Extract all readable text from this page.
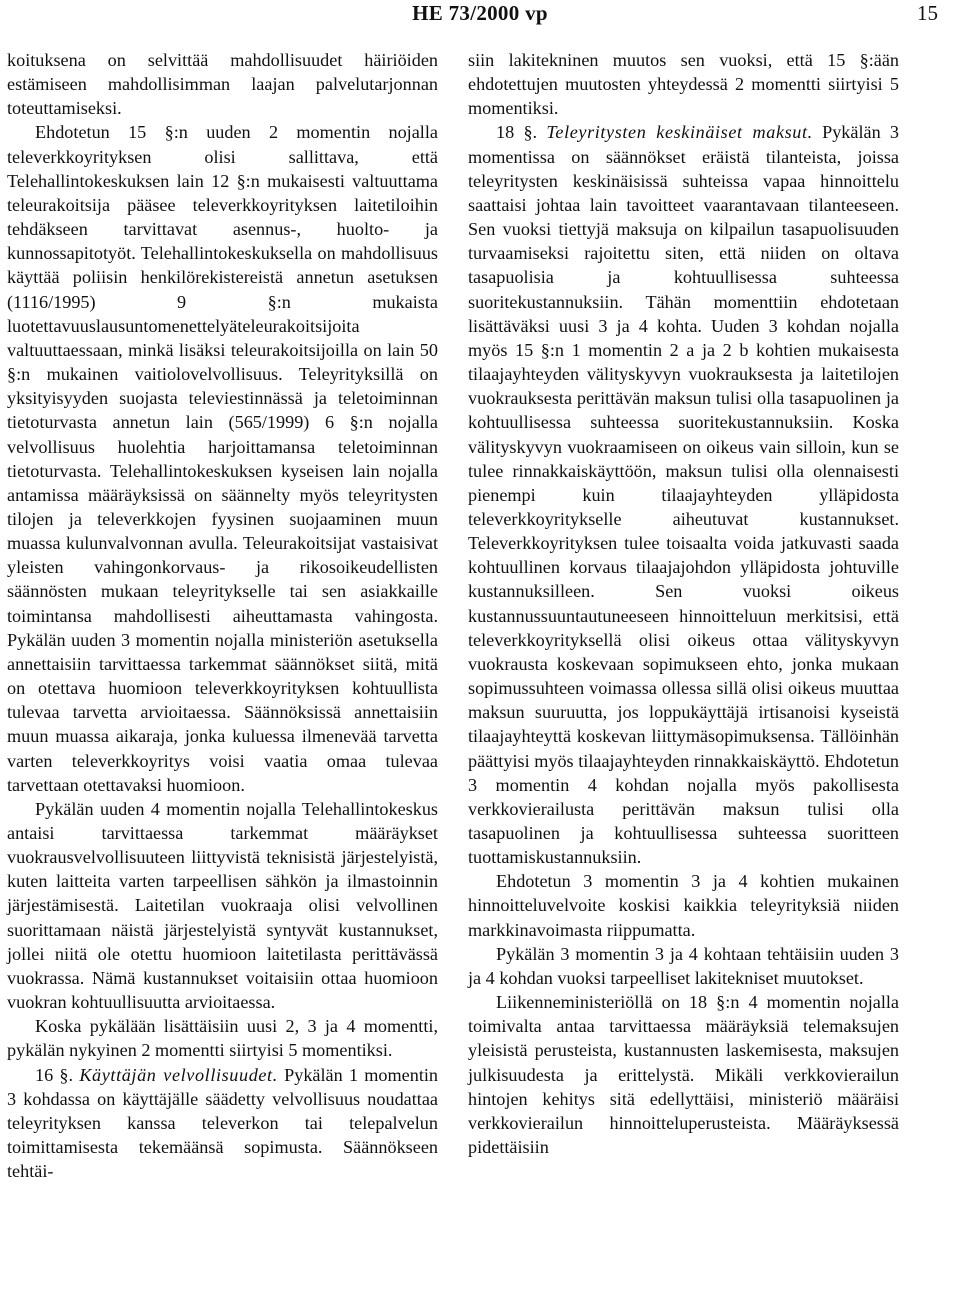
HE 73/2000 vp	15

koituksena on selvittää mahdollisuudet häiriöiden estämiseen mahdollisimman laajan palvelutarjonnan toteuttamiseksi.

Ehdotetun 15 §:n uuden 2 momentin nojalla televerkkoyrityksen olisi sallittava, että Telehallintokeskuksen lain 12 §:n mukaisesti valtuuttama teleurakoitsija pääsee televerkkoyrityksen laitetiloihin tehdäkseen tarvittavat asennus-, huolto- ja kunnossapitotyöt. Telehallintokeskuksella on mahdollisuus käyttää poliisin henkilörekistereistä annetun asetuksen (1116/1995) 9 §:n mukaista luotettavuuslausuntomenettelyäteleurakoitsijoita valtuuttaessaan, minkä lisäksi teleurakoitsijoilla on lain 50 §:n mukainen vaitiolovelvollisuus. Teleyrityksillä on yksityisyyden suojasta televiestinnässä ja teletoiminnan tietoturvasta annetun lain (565/1999) 6 §:n nojalla velvollisuus huolehtia harjoittamansa teletoiminnan tietoturvasta. Telehallintokeskuksen kyseisen lain nojalla antamissa määräyksissä on säännelty myös teleyritysten tilojen ja televerkkojen fyysinen suojaaminen muun muassa kulunvalvonnan avulla. Teleurakoitsijat vastaisivat yleisten vahingonkorvaus- ja rikosoikeudellisten säännösten mukaan teleyritykselle tai sen asiakkaille toimintansa mahdollisesti aiheuttamasta vahingosta. Pykälän uuden 3 momentin nojalla ministeriön asetuksella annettaisiin tarvittaessa tarkemmat säännökset siitä, mitä on otettava huomioon televerkkoyrityksen kohtuullista tulevaa tarvetta arvioitaessa. Säännöksissä annettaisiin muun muassa aikaraja, jonka kuluessa ilmenevää tarvetta varten televerkkoyritys voisi vaatia omaa tulevaa tarvettaan otettavaksi huomioon.

Pykälän uuden 4 momentin nojalla Telehallintokeskus antaisi tarvittaessa tarkemmat määräykset vuokrausvelvollisuuteen liittyvistä teknisistä järjestelyistä, kuten laitteita varten tarpeellisen sähkön ja ilmastoinnin järjestämisestä. Laitetilan vuokraaja olisi velvollinen suorittamaan näistä järjestelyistä syntyvät kustannukset, jollei niitä ole otettu huomioon laitetilasta perittävässä vuokrassa. Nämä kustannukset voitaisiin ottaa huomioon vuokran kohtuullisuutta arvioitaessa.

Koska pykälään lisättäisiin uusi 2, 3 ja 4 momentti, pykälän nykyinen 2 momentti siirtyisi 5 momentiksi.

16 §. Käyttäjän velvollisuudet. Pykälän 1 momentin 3 kohdassa on käyttäjälle säädetty velvollisuus noudattaa teleyrityksen kanssa televerkon tai telepalvelun toimittamisesta tekemäänsä sopimusta. Säännökseen tehtäi-

siin lakitekninen muutos sen vuoksi, että 15 §:ään ehdotettujen muutosten yhteydessä 2 momentti siirtyisi 5 momentiksi.

18 §. Teleyritysten keskinäiset maksut. Pykälän 3 momentissa on säännökset eräistä tilanteista, joissa teleyritysten keskinäisissä suhteissa vapaa hinnoittelu saattaisi johtaa lain tavoitteet vaarantavaan tilanteeseen. Sen vuoksi tiettyjä maksuja on kilpailun tasapuolisuuden turvaamiseksi rajoitettu siten, että niiden on oltava tasapuolisia ja kohtuullisessa suhteessa suoritekustannuksiin. Tähän momenttiin ehdotetaan lisättäväksi uusi 3 ja 4 kohta. Uuden 3 kohdan nojalla myös 15 §:n 1 momentin 2 a ja 2 b kohtien mukaisesta tilaajayhteyden välityskyvyn vuokrauksesta ja laitetilojen vuokrauksesta perittävän maksun tulisi olla tasapuolinen ja kohtuullisessa suhteessa suoritekustannuksiin. Koska välityskyvyn vuokraamiseen on oikeus vain silloin, kun se tulee rinnakkaiskäyttöön, maksun tulisi olla olennaisesti pienempi kuin tilaajayhteyden ylläpidosta televerkkoyritykselle aiheutuvat kustannukset. Televerkkoyrityksen tulee toisaalta voida jatkuvasti saada kohtuullinen korvaus tilaajajohdon ylläpidosta johtuville kustannuksilleen. Sen vuoksi oikeus kustannussuuntautuneeseen hinnoitteluun merkitsisi, että televerkkoyrityksellä olisi oikeus ottaa välityskyvyn vuokrausta koskevaan sopimukseen ehto, jonka mukaan sopimussuhteen voimassa ollessa sillä olisi oikeus muuttaa maksun suuruutta, jos loppukäyttäjä irtisanoisi kyseistä tilaajayhteyttä koskevan liittymäsopimuksensa. Tällöinhän päättyisi myös tilaajayhteyden rinnakkaiskäyttö. Ehdotetun 3 momentin 4 kohdan nojalla myös pakollisesta verkkovierailusta perittävän maksun tulisi olla tasapuolinen ja kohtuullisessa suhteessa suoritteen tuottamiskustannuksiin.

Ehdotetun 3 momentin 3 ja 4 kohtien mukainen hinnoitteluvelvoite koskisi kaikkia teleyrityksiä niiden markkinavoimasta riippumatta.

Pykälän 3 momentin 3 ja 4 kohtaan tehtäisiin uuden 3 ja 4 kohdan vuoksi tarpeelliset lakitekniset muutokset.

Liikenneministeriöllä on 18 §:n 4 momentin nojalla toimivalta antaa tarvittaessa määräyksiä telemaksujen yleisistä perusteista, kustannusten laskemisesta, maksujen julkisuudesta ja erittelystä. Mikäli verkkovierailun hintojen kehitys sitä edellyttäisi, ministeriö määräisi verkkovierailun hinnoitteluperusteista. Määräyksessä pidettäisiin
